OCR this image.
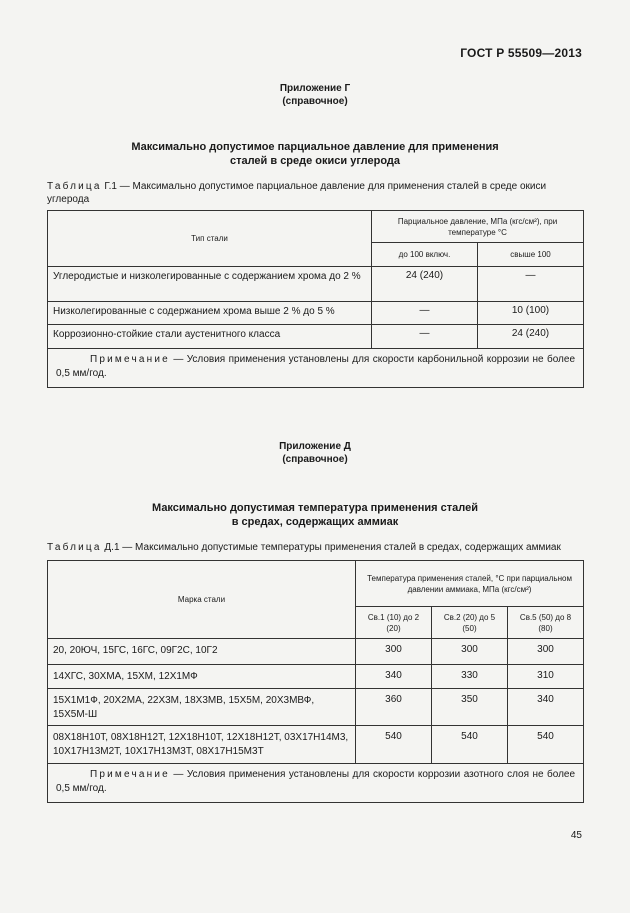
ГОСТ Р 55509—2013
Приложение Г
(справочное)
Максимально допустимое парциальное давление для применения
сталей в среде окиси углерода
Таблица Г.1 — Максимально допустимое парциальное давление для применения сталей в среде окиси углерода
Тип стали	Парциальное давление, МПа (кгс/см²), при температуре °С	
	до 100 включ.	свыше 100
Углеродистые и низколегированные с содержанием хрома до 2 %	24 (240)	—
Низколегированные с содержанием хрома выше 2 % до 5 %	—	10 (100)
Коррозионно-стойкие стали аустенитного класса	—	24 (240)
Примечание — Условия применения установлены для скорости карбонильной коррозии не более 0,5 мм/год.		
Приложение Д
(справочное)
Максимально допустимая температура применения сталей
в средах, содержащих аммиак
Таблица Д.1 — Максимально допустимые температуры применения сталей в средах, содержащих аммиак
Марка стали	Температура применения сталей, °С при парциальном давлении аммиака, МПа (кгс/см²)		
	Св.1 (10) до 2 (20)	Св.2 (20) до 5 (50)	Св.5 (50) до 8 (80)
20, 20ЮЧ, 15ГС, 16ГС, 09Г2С, 10Г2	300	300	300
14ХГС, 30ХМА, 15ХМ, 12Х1МФ	340	330	310
15Х1М1Ф, 20Х2МА, 22Х3М, 18Х3МВ, 15Х5М, 20Х3МВФ, 15Х5М-Ш	360	350	340
08Х18Н10Т, 08Х18Н12Т, 12Х18Н10Т, 12Х18Н12Т, 03Х17Н14М3, 10Х17Н13М2Т, 10Х17Н13М3Т, 08Х17Н15М3Т	540	540	540
Примечание — Условия применения установлены для скорости коррозии азотного слоя не более 0,5 мм/год.			
45
